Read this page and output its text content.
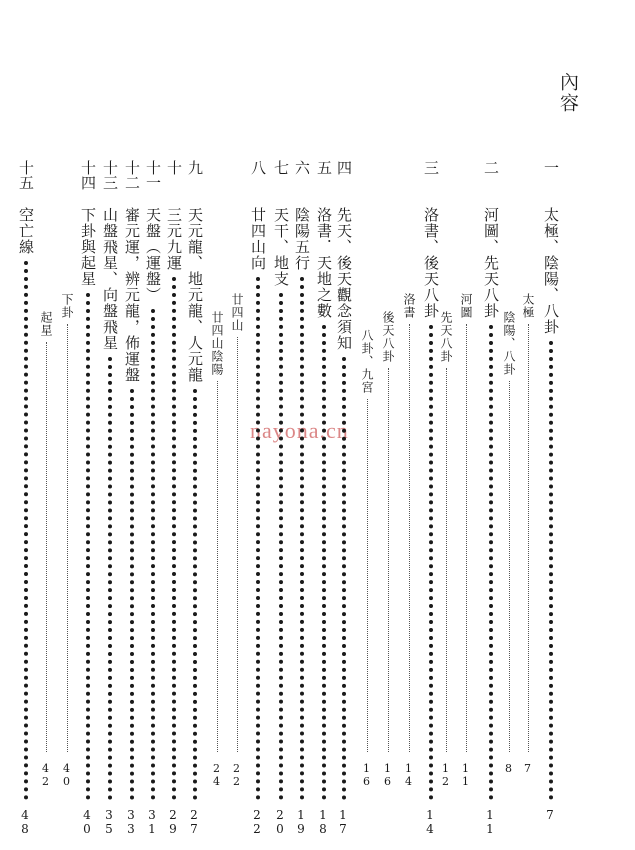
內容
nayona.cn
一
太極、陰陽、八卦
7
太極
7
陰陽、八卦
8
二
河圖、先天八卦
11
河圖
11
先天八卦
12
三
洛書、後天八卦
14
洛書
14
後天八卦
16
八卦、九宮
16
四
先天、後天觀念須知
17
五
洛書．天地之數
18
六
陰陽五行
19
七
天干、地支
20
八
廿四山向
22
廿四山
22
廿四山陰陽
24
九
天元龍、地元龍、人元龍
27
十
三元九運
29
十一
天盤（運盤）
31
十二
審元運，辨元龍，佈運盤
33
十三
山盤飛星、向盤飛星
35
十四
下卦與起星
40
下卦
40
起星
42
十五
空亡線
48
